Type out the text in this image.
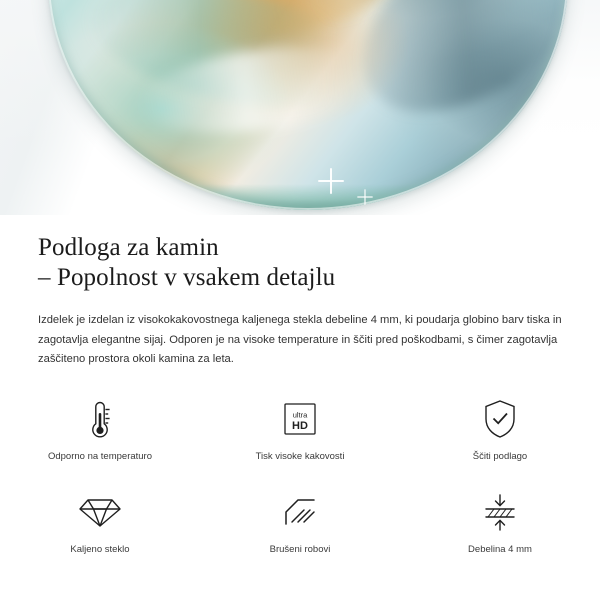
Podloga za kamin
– Popolnost v vsakem detajlu

Izdelek je izdelan iz visokokakovostnega kaljenega stekla debeline 4 mm, ki poudarja globino barv tiska in zagotavlja elegantne sijaj. Odporen je na visoke temperature in ščiti pred poškodbami, s čimer zagotavlja zaščiteno prostora okoli kamina za leta.

Odporno na temperaturo
ultra
HD
Tisk visoke kakovosti	Ščiti podlago
Kaljeno steklo	Brušeni robovi	Debelina 4 mm
